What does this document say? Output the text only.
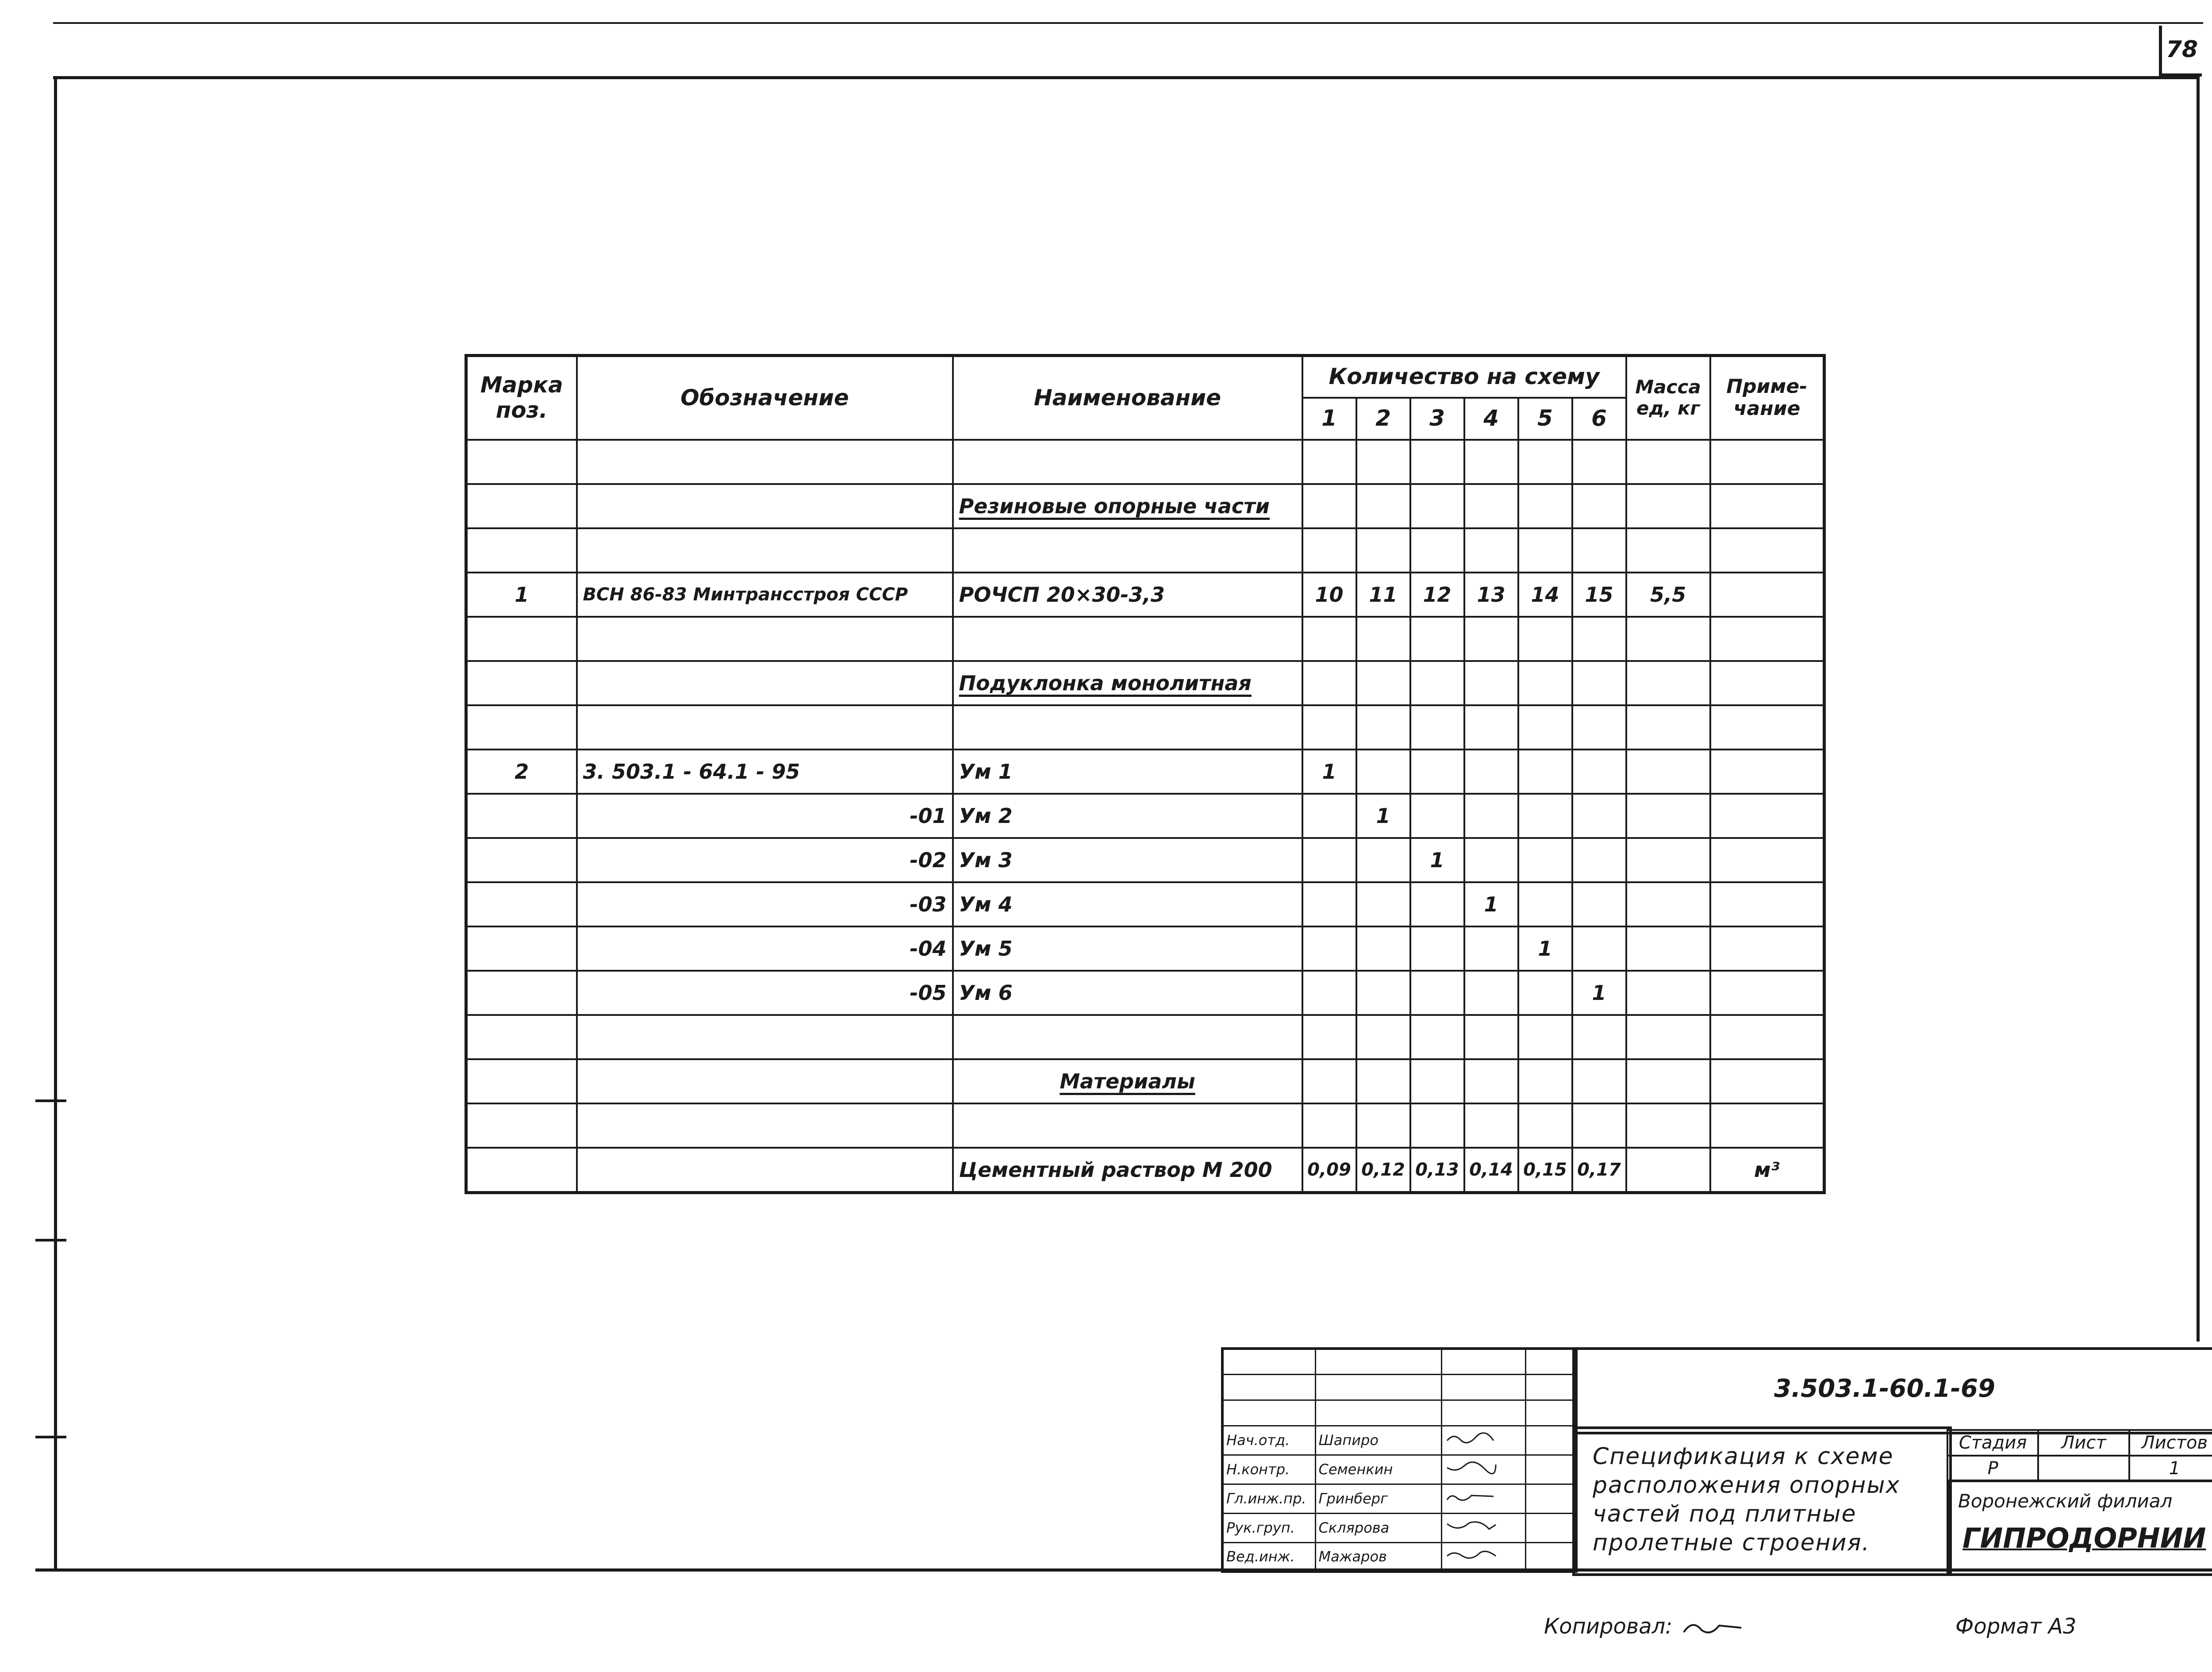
78
Марка поз.	Обозначение	Наименование	Количество на схему						Масса ед, кг	Приме-чание
			1	2	3	4	5	6		

		Резиновые опорные части								

1	ВСН 86-83 Минтрансстроя СССР	РОЧСП 20×30-3,3	10	11	12	13	14	15	5,5	

		Подуклонка монолитная								

2	3. 503.1 - 64.1 - 95	Ум 1	1							
	-01	Ум 2		1						
	-02	Ум 3			1					
	-03	Ум 4				1				
	-04	Ум 5					1			
	-05	Ум 6						1		

		Материалы								

		Цементный раствор М 200	0,09	0,12	0,13	0,14	0,15	0,17		м³

Нач.отд.	Шапиро		
Н.контр.	Семенкин		
Гл.инж.пр.	Гринберг		
Рук.груп.	Склярова		
Вед.инж.	Мажаров		
3.503.1-60.1-69
Спецификация к схеме расположения опорных частей под плитные пролетные строения.
Стадия	Лист	Листов
Р		1
Воронежский филиал
ГИПРОДОРНИИ
Копировал:	Формат А3
